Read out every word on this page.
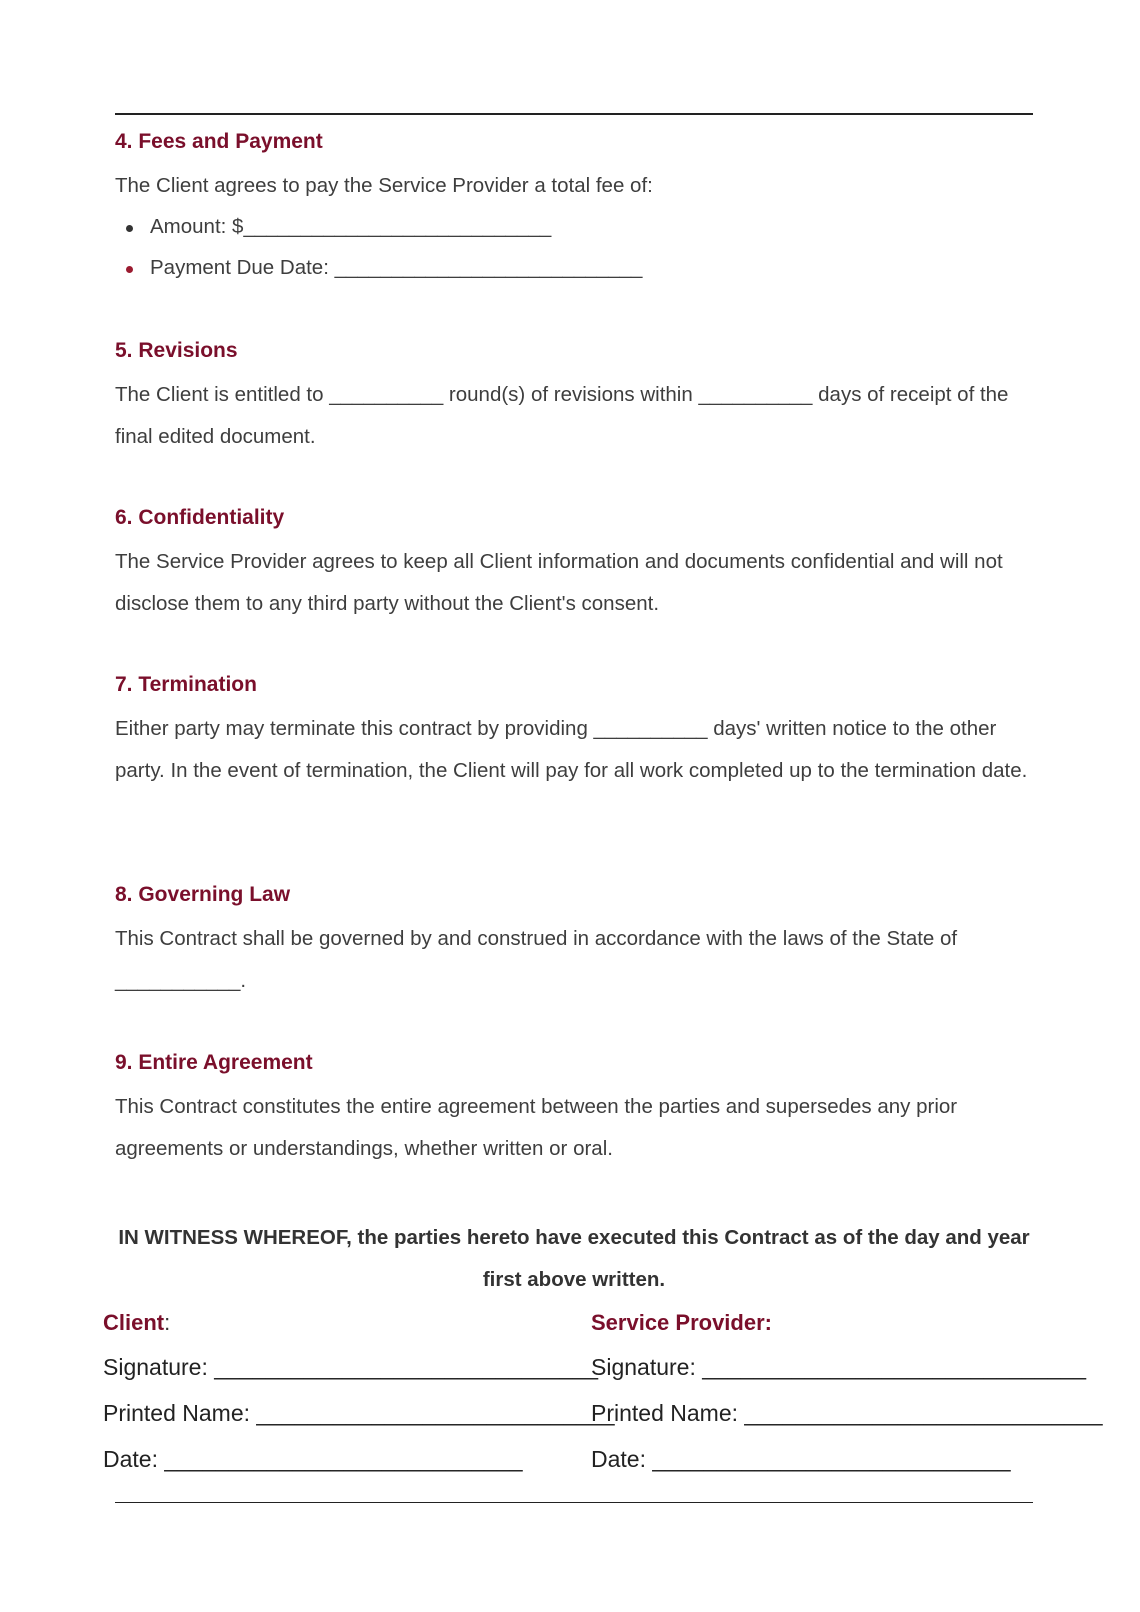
4. Fees and Payment

The Client agrees to pay the Service Provider a total fee of:

Amount: $___________________________

Payment Due Date: ___________________________

5. Revisions

The Client is entitled to __________ round(s) of revisions within __________ days of receipt of the final edited document.

6. Confidentiality

The Service Provider agrees to keep all Client information and documents confidential and will not disclose them to any third party without the Client's consent.

7. Termination

Either party may terminate this contract by providing __________ days' written notice to the other party. In the event of termination, the Client will pay for all work completed up to the termination date.

8. Governing Law

This Contract shall be governed by and construed in accordance with the laws of the State of ___________.

9. Entire Agreement

This Contract constitutes the entire agreement between the parties and supersedes any prior agreements or understandings, whether written or oral.

IN WITNESS WHEREOF, the parties hereto have executed this Contract as of the day and year first above written.

Client:

Signature: ______________________________

Printed Name: ____________________________

Date: ____________________________

Service Provider:

Signature: ______________________________

Printed Name: ____________________________

Date: ____________________________
